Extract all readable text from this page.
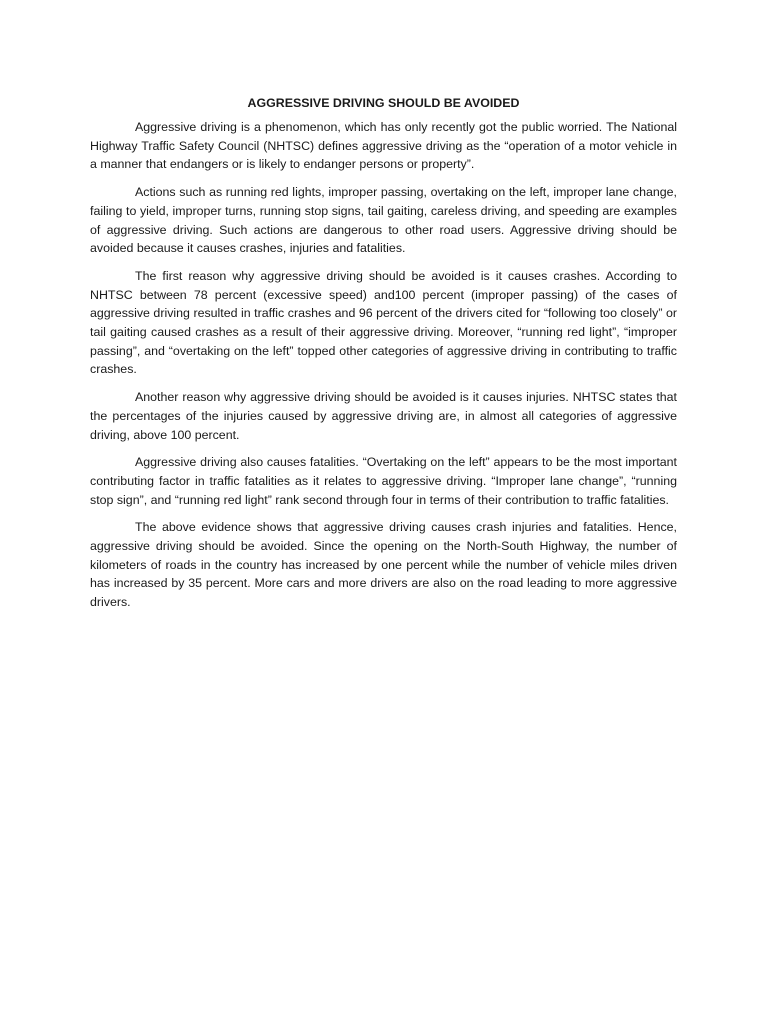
AGGRESSIVE DRIVING SHOULD BE AVOIDED

Aggressive driving is a phenomenon, which has only recently got the public worried. The National Highway Traffic Safety Council (NHTSC) defines aggressive driving as the “operation of a motor vehicle in a manner that endangers or is likely to endanger persons or property”.

Actions such as running red lights, improper passing, overtaking on the left, improper lane change, failing to yield, improper turns, running stop signs, tail gaiting, careless driving, and speeding are examples of aggressive driving. Such actions are dangerous to other road users. Aggressive driving should be avoided because it causes crashes, injuries and fatalities.

The first reason why aggressive driving should be avoided is it causes crashes. According to NHTSC between 78 percent (excessive speed) and100 percent (improper passing) of the cases of aggressive driving resulted in traffic crashes and 96 percent of the drivers cited for “following too closely” or tail gaiting caused crashes as a result of their aggressive driving. Moreover, “running red light”, “improper passing”, and “overtaking on the left” topped other categories of aggressive driving in contributing to traffic crashes.

Another reason why aggressive driving should be avoided is it causes injuries. NHTSC states that the percentages of the injuries caused by aggressive driving are, in almost all categories of aggressive driving, above 100 percent.

Aggressive driving also causes fatalities. “Overtaking on the left” appears to be the most important contributing factor in traffic fatalities as it relates to aggressive driving. “Improper lane change”, “running stop sign”, and “running red light” rank second through four in terms of their contribution to traffic fatalities.

The above evidence shows that aggressive driving causes crash injuries and fatalities. Hence, aggressive driving should be avoided. Since the opening on the North-South Highway, the number of kilometers of roads in the country has increased by one percent while the number of vehicle miles driven has increased by 35 percent. More cars and more drivers are also on the road leading to more aggressive drivers.
